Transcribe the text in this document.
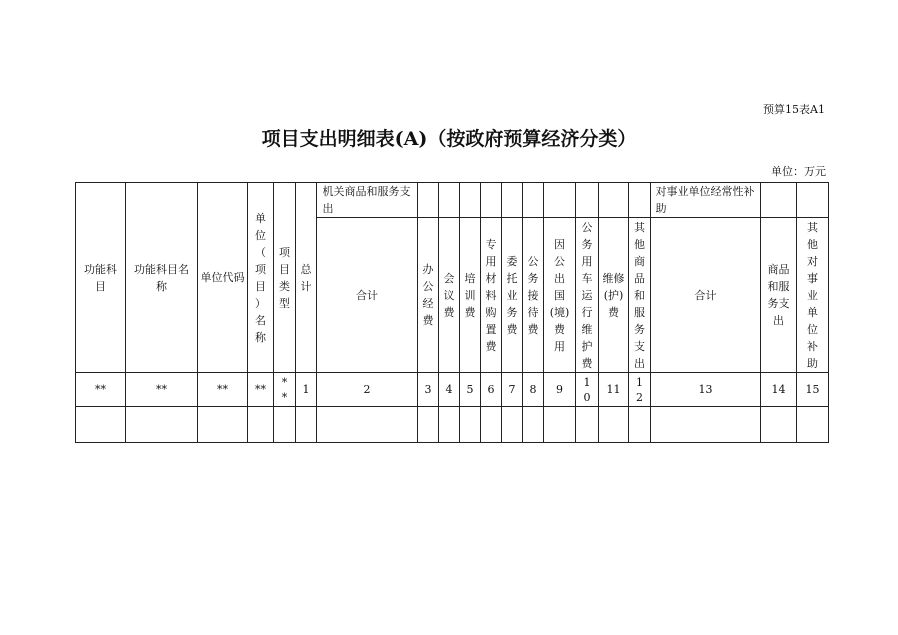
预算15表A1
项目支出明细表(A)（按政府预算经济分类）
单位：万元
功能科目	功能科目名称	单位代码	单位（项目）名称	项目类型	总计	机关商品和服务支出											对事业单位经常性补助		
						合计	办公经费	会议费	培训费	专用材料购置费	委托业务费	公务接待费	因公出国(境)费用	公务用车运行维护费	维修(护)费	其他商品和服务支出	合计	商品和服务支出	其他对事业单位补助
**	**	**	**	**	1	2	3	4	5	6	7	8	9	10	11	12	13	14	15
